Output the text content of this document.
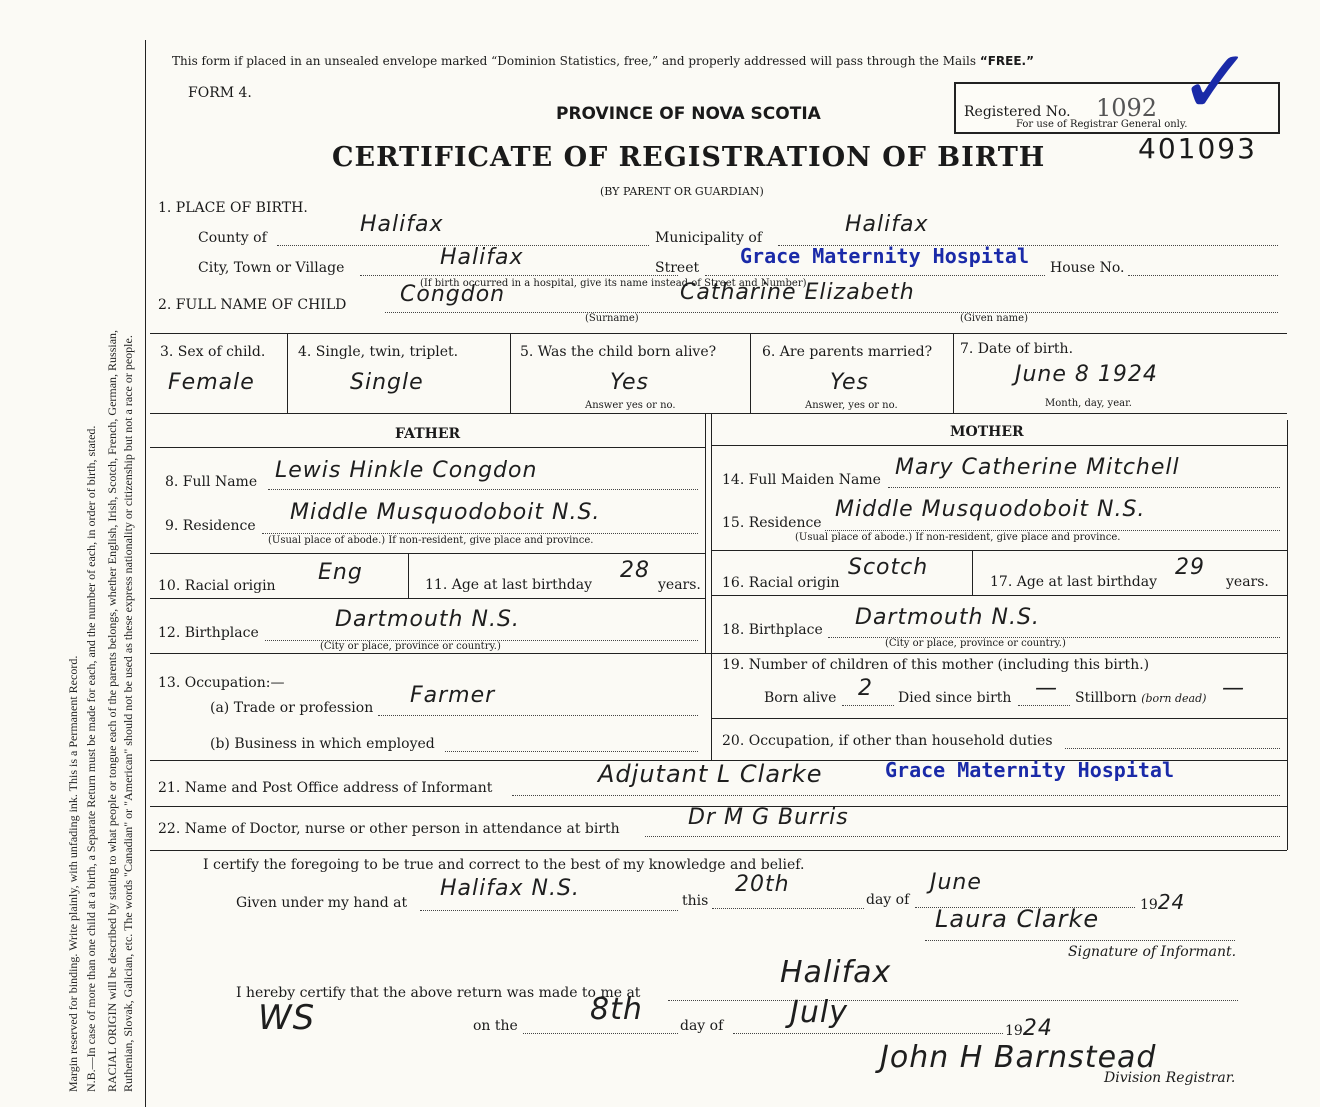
Margin reserved for binding. Write plainly, with unfading ink. This is a Permanent Record. N.B.—In case of more than one child at a birth, a Separate Return must be made for each, and the number of each, in order of birth, stated. RACIAL ORIGIN will be described by stating to what people or tongue each of the parents belongs, whether English, Irish, Scotch, French, German, Russian, Ruthenian, Slovak, Galician, etc. The words "Canadian" or "American" should not be used as these express nationality or citizenship but not a race or people.
This form if placed in an unsealed envelope marked “Dominion Statistics, free,” and properly addressed will pass through the Mails “FREE.”
FORM 4.
PROVINCE OF NOVA SCOTIA	Registered No. 1092
For use of Registrar General only.
✓
401093
CERTIFICATE OF REGISTRATION OF BIRTH
(BY PARENT OR GUARDIAN)
1. PLACE OF BIRTH.
County of
Halifax
Municipality of
Halifax
City, Town or Village	Halifax	Street Grace Maternity Hospital House No.
(If birth occurred in a hospital, give its name instead of Street and Number)
2. FULL NAME OF CHILD Congdon	Catharine Elizabeth
(Surname)	(Given name)
3. Sex of child.
Female
4. Single, twin, triplet.
Single
5. Was the child born alive?
Yes
Answer yes or no.
6. Are parents married?
Yes
Answer, yes or no.
7. Date of birth.
June 8 1924
Month, day, year.
FATHER	MOTHER
8. Full Name Lewis Hinkle Congdon	14. Full Maiden Name Mary Catherine Mitchell
9. Residence
Middle Musquodoboit N.S.
(Usual place of abode.) If non-resident, give place and province.
15. Residence
Middle Musquodoboit N.S.
(Usual place of abode.) If non-resident, give place and province.
10. Racial origin
Eng	11. Age at last birthday
28
years. 16. Racial origin
Scotch
17. Age at last birthday
29
years.
12. Birthplace
Dartmouth N.S.
(City or place, province or country.)
18. Birthplace Dartmouth N.S.
(City or place, province or country.)
13. Occupation:—
(a) Trade or profession Farmer
(b) Business in which employed
19. Number of children of this mother (including this birth.)
Born alive 2 Died since birth — Stillborn (born dead) —
20. Occupation, if other than household duties
21. Name and Post Office address of Informant	Adjutant L Clarke	Grace Maternity Hospital
22. Name of Doctor, nurse or other person in attendance at birth	Dr M G Burris
I certify the foregoing to be true and correct to the best of my knowledge and belief.
Given under my hand at
Halifax N.S.	this
20th
day of
June
1924
Laura Clarke
Signature of Informant.
I hereby certify that the above return was made to me at
Halifax
WS	on the 8th	day of July
1924
John H Barnstead
Division Registrar.
